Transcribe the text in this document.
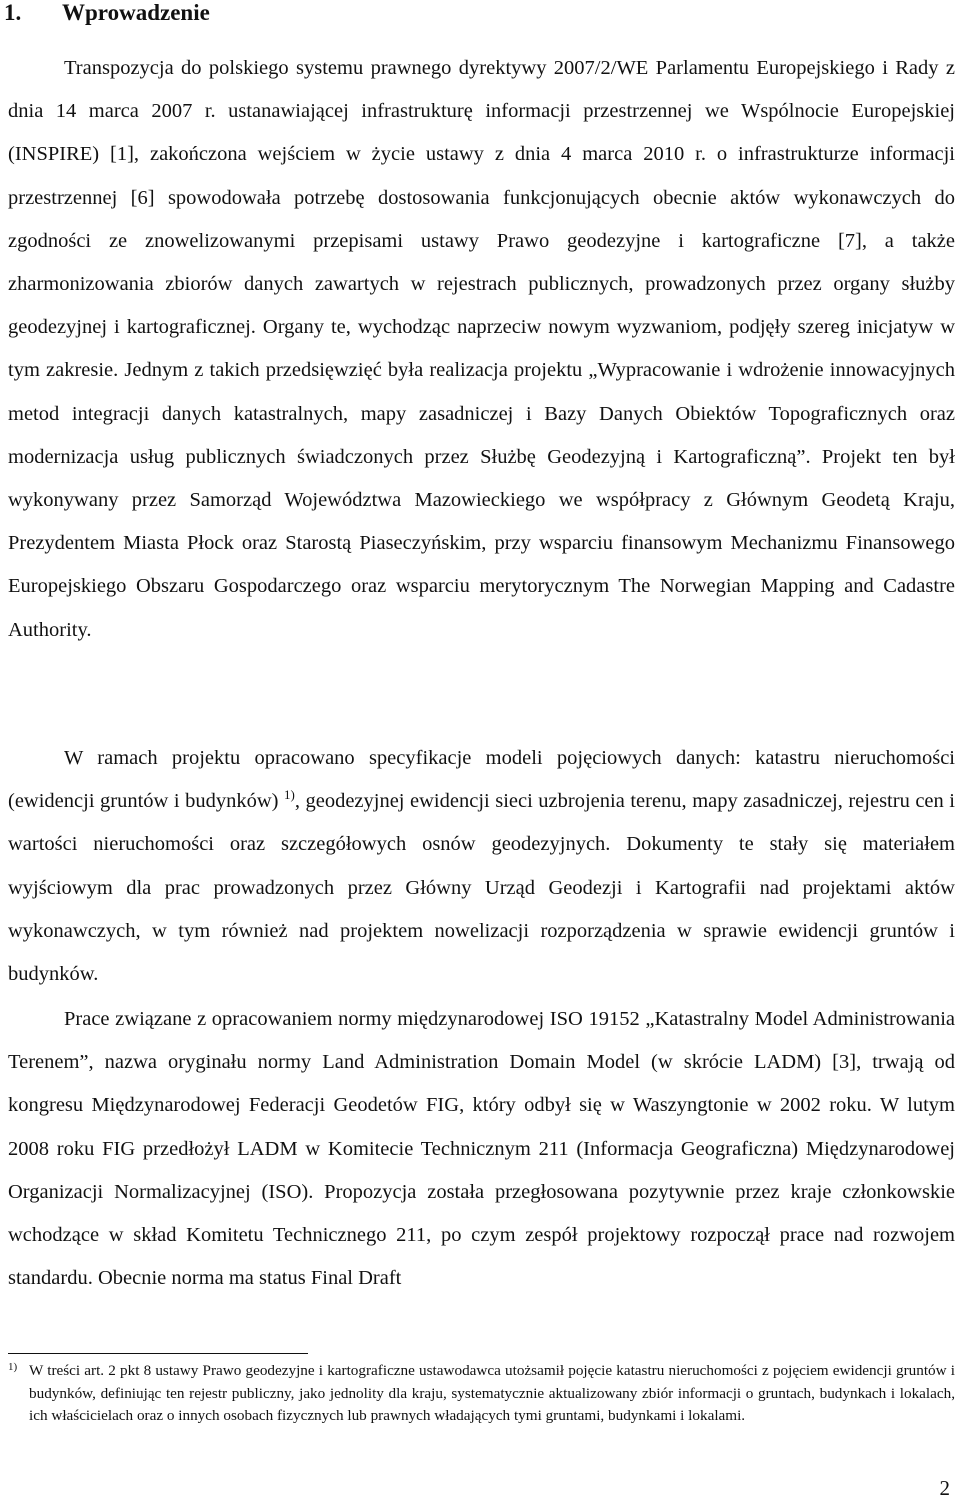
1. Wprowadzenie

Transpozycja do polskiego systemu prawnego dyrektywy 2007/2/WE Parlamentu Europejskiego i Rady z dnia 14 marca 2007 r. ustanawiającej infrastrukturę informacji przestrzennej we Wspólnocie Europejskiej (INSPIRE) [1], zakończona wejściem w życie ustawy z dnia 4 marca 2010 r. o infrastrukturze informacji przestrzennej [6] spowodowała potrzebę dostosowania funkcjonujących obecnie aktów wykonawczych do zgodności ze znowelizowanymi przepisami ustawy Prawo geodezyjne i kartograficzne [7], a także zharmonizowania zbiorów danych zawartych w rejestrach publicznych, prowadzonych przez organy służby geodezyjnej i kartograficznej. Organy te, wychodząc naprzeciw nowym wyzwaniom, podjęły szereg inicjatyw w tym zakresie. Jednym z takich przedsięwzięć była realizacja projektu „Wypracowanie i wdrożenie innowacyjnych metod integracji danych katastralnych, mapy zasadniczej i Bazy Danych Obiektów Topograficznych oraz modernizacja usług publicznych świadczonych przez Służbę Geodezyjną i Kartograficzną”. Projekt ten był wykonywany przez Samorząd Województwa Mazowieckiego we współpracy z Głównym Geodetą Kraju, Prezydentem Miasta Płock oraz Starostą Piaseczyńskim, przy wsparciu finansowym Mechanizmu Finansowego Europejskiego Obszaru Gospodarczego oraz wsparciu merytorycznym The Norwegian Mapping and Cadastre Authority.

W ramach projektu opracowano specyfikacje modeli pojęciowych danych: katastru nieruchomości (ewidencji gruntów i budynków) $^{1)}$, geodezyjnej ewidencji sieci uzbrojenia terenu, mapy zasadniczej, rejestru cen i wartości nieruchomości oraz szczegółowych osnów geodezyjnych. Dokumenty te stały się materiałem wyjściowym dla prac prowadzonych przez Główny Urząd Geodezji i Kartografii nad projektami aktów wykonawczych, w tym również nad projektem nowelizacji rozporządzenia w sprawie ewidencji gruntów i budynków.

Prace związane z opracowaniem normy międzynarodowej ISO 19152 „Katastralny Model Administrowania Terenem”, nazwa oryginału normy Land Administration Domain Model (w skrócie LADM) [3], trwają od kongresu Międzynarodowej Federacji Geodetów FIG, który odbył się w Waszyngtonie w 2002 roku. W lutym 2008 roku FIG przedłożył LADM w Komitecie Technicznym 211 (Informacja Geograficzna) Międzynarodowej Organizacji Normalizacyjnej (ISO). Propozycja została przegłosowana pozytywnie przez kraje członkowskie wchodzące w skład Komitetu Technicznego 211, po czym zespół projektowy rozpoczął prace nad rozwojem standardu. Obecnie norma ma status Final Draft

1) W treści art. 2 pkt 8 ustawy Prawo geodezyjne i kartograficzne ustawodawca utożsamił pojęcie katastru nieruchomości z pojęciem ewidencji gruntów i budynków, definiując ten rejestr publiczny, jako jednolity dla kraju, systematycznie aktualizowany zbiór informacji o gruntach, budynkach i lokalach, ich właścicielach oraz o innych osobach fizycznych lub prawnych władających tymi gruntami, budynkami i lokalami.
2
